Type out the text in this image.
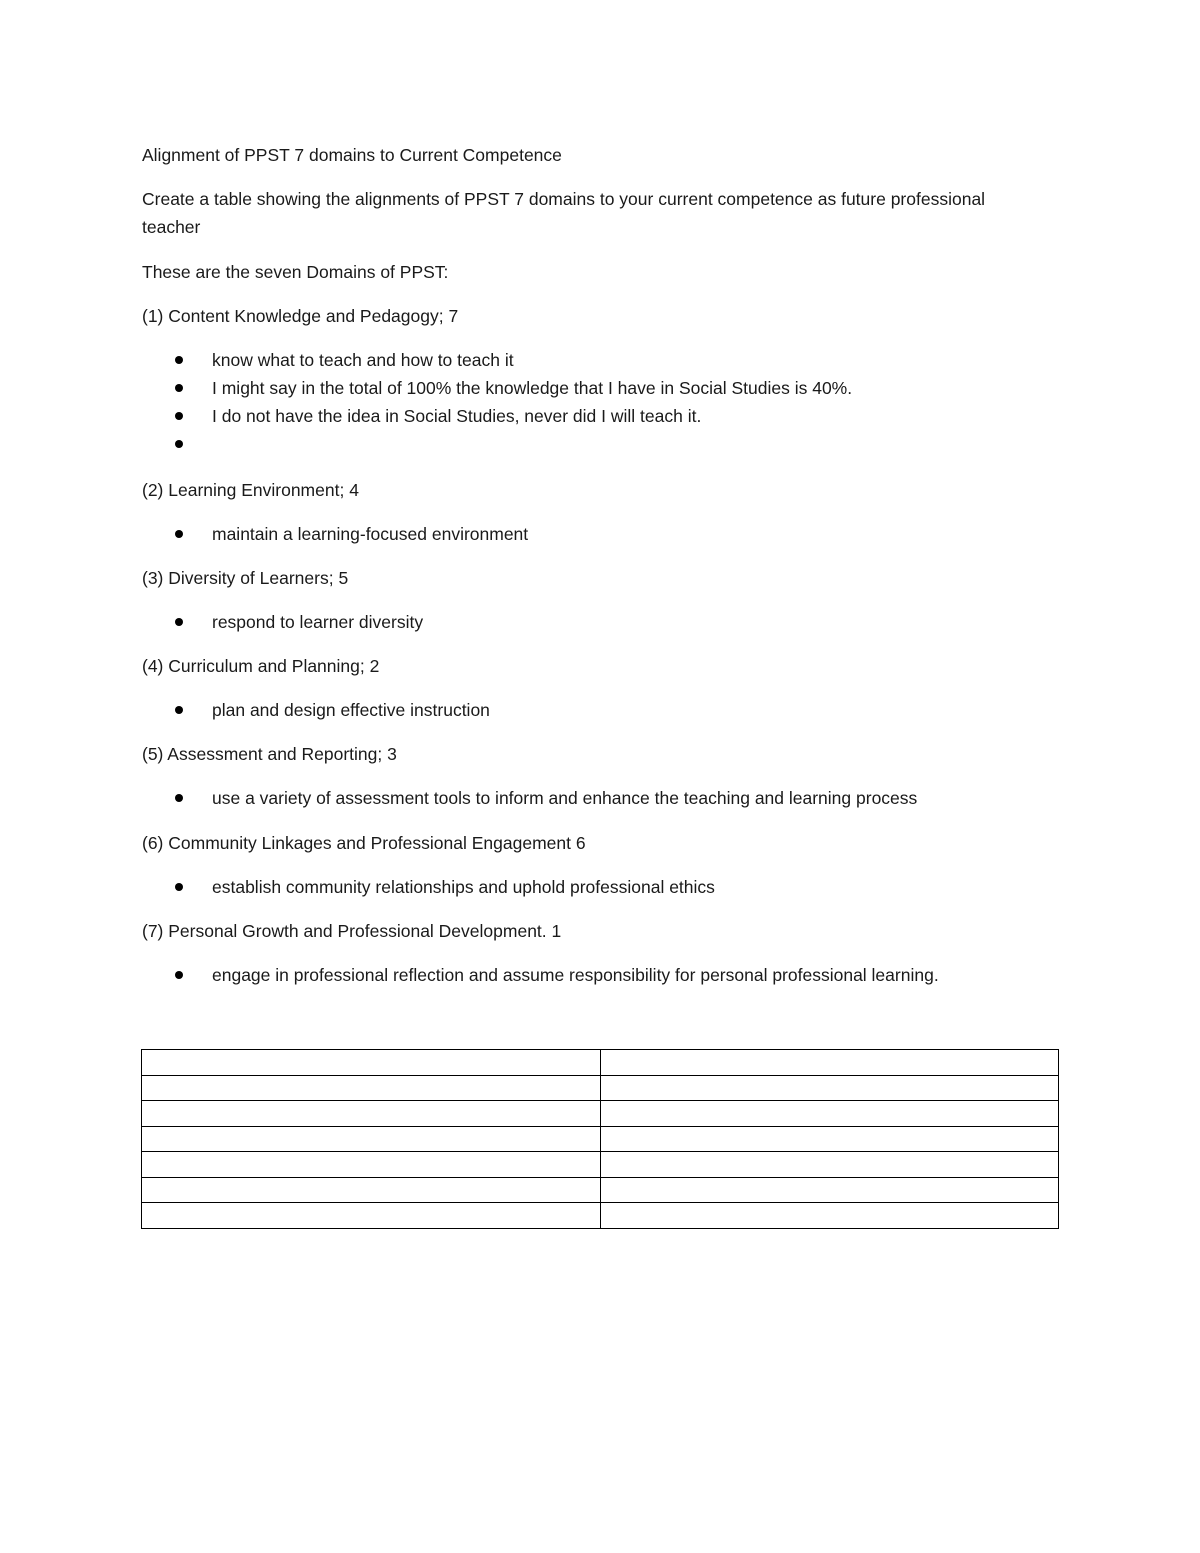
Alignment of PPST 7 domains to Current Competence

Create a table showing the alignments of PPST 7 domains to your current competence as future professional teacher

These are the seven Domains of PPST:

(1) Content Knowledge and Pedagogy; 7

know what to teach and how to teach it
I might say in the total of 100% the knowledge that I have in Social Studies is 40%.
I do not have the idea in Social Studies, never did I will teach it.

(2) Learning Environment; 4

maintain a learning-focused environment

(3) Diversity of Learners; 5

respond to learner diversity

(4) Curriculum and Planning; 2

plan and design effective instruction

(5) Assessment and Reporting; 3

use a variety of assessment tools to inform and enhance the teaching and learning process

(6) Community Linkages and Professional Engagement 6

establish community relationships and uphold professional ethics

(7) Personal Growth and Professional Development. 1

engage in professional reflection and assume responsibility for personal professional learning.
